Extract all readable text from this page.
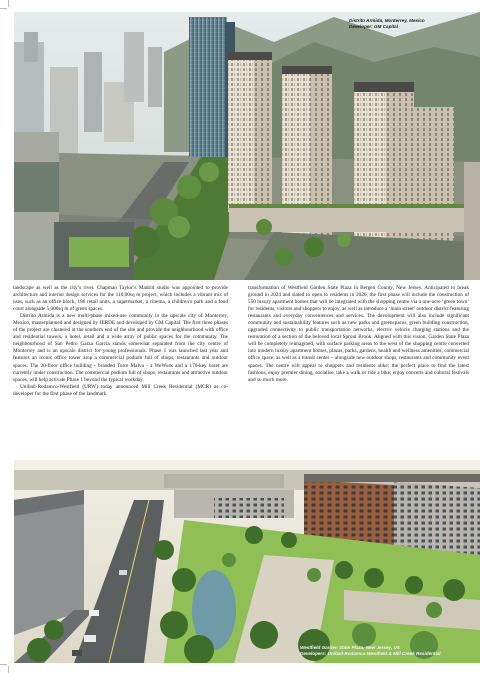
Distrito Armida, Monterrey, Mexico
Developer: GM Capital

landscape as well as the city’s river. Chapman Taylor’s Madrid studio was appointed to provide architecture and interior design services for the 110,00sq m project, which includes a vibrant mix of uses, such as an office block, 186 retail units, a supermarket, a cinema, a children’s park and a food court alongside 5,000sq m of green spaces.

Distrito Armida is a new multi-phase mixed-use community in the upscale city of Monterrey, Mexico, masterplanned and designed by JERDE and developed by GM Capital. The first three phases of the project are clustered at the southern end of the site and provide the neighbourhood with office and residential towers, a hotel, retail and a wide array of public spaces for the community. The neighbourhood of San Pedro Garza García stands somewhat separated from the city centre of Monterrey and is an upscale district for young professionals. Phase 1 was launched last year and features an iconic office tower atop a commercial podium full of shops, restaurants and outdoor spaces. The 20-floor office building - branded Torre Malva - a WeWork and a 170-key hotel are currently under construction. The commercial podium full of shops, restaurants and attractive outdoor spaces, will help activate Phase 1 beyond the typical workday.

Unibail-Rodamco-Westfield (URW) today announced Mill Creek Residential (MCR) as co-developer for the first phase of the landmark

transformation of Westfield Garden State Plaza in Bergen County, New Jersey. Anticipated to break ground in 2024 and slated to open to residents in 2026, the first phase will include the construction of 550 luxury apartment homes that will be integrated with the shopping centre via a one-acre ‘green town’ for residents, visitors and shoppers to enjoy, as well as introduce a ‘main street’ outdoor district featuring restaurants and everyday conveniences and services. The development will also include significant community and sustainability features such as new parks and greenspaces, green building construction, upgraded connectivity to public transportation networks, electric vehicle charging stations and the restoration of a section of the beloved local Sprout Brook. Aligned with this vision, Garden State Plaza will be completely reimagined, with surface parking areas to the west of the shopping centre converted into modern luxury apartment homes, plazas, parks, gardens, health and wellness amenities, commercial office space, as well as a transit center – alongside new outdoor shops, restaurants and community event spaces. The centre will appeal to shoppers and residents alike; the perfect place to find the latest fashions, enjoy premier dining, socialise, take a walk or ride a bike, enjoy concerts and cultural festivals and so much more.

Westfield Garden State Plaza, New Jersey, US
Developers: Unibail-Rodamco-Westfield & Mill Creek Residential
